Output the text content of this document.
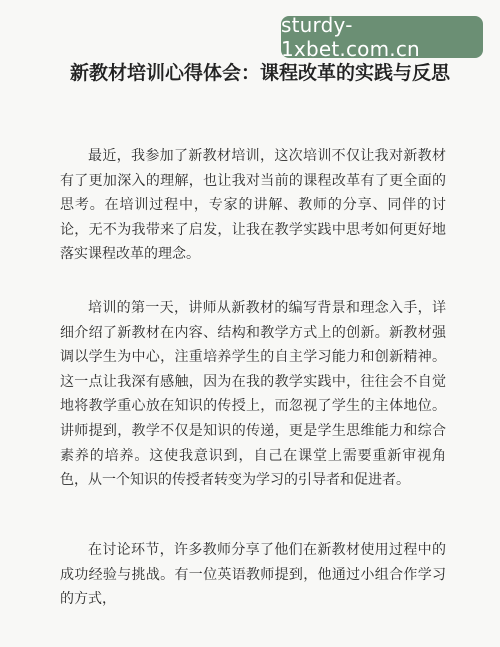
sturdy-1xbet.com.cn
新教材培训心得体会：课程改革的实践与反思

最近，我参加了新教材培训，这次培训不仅让我对新教材有了更加深入的理解，也让我对当前的课程改革有了更全面的思考。在培训过程中，专家的讲解、教师的分享、同伴的讨论，无不为我带来了启发，让我在教学实践中思考如何更好地落实课程改革的理念。

培训的第一天，讲师从新教材的编写背景和理念入手，详细介绍了新教材在内容、结构和教学方式上的创新。新教材强调以学生为中心，注重培养学生的自主学习能力和创新精神。这一点让我深有感触，因为在我的教学实践中，往往会不自觉地将教学重心放在知识的传授上，而忽视了学生的主体地位。讲师提到，教学不仅是知识的传递，更是学生思维能力和综合素养的培养。这使我意识到，自己在课堂上需要重新审视角色，从一个知识的传授者转变为学习的引导者和促进者。

在讨论环节，许多教师分享了他们在新教材使用过程中的成功经验与挑战。有一位英语教师提到，他通过小组合作学习的方式，
